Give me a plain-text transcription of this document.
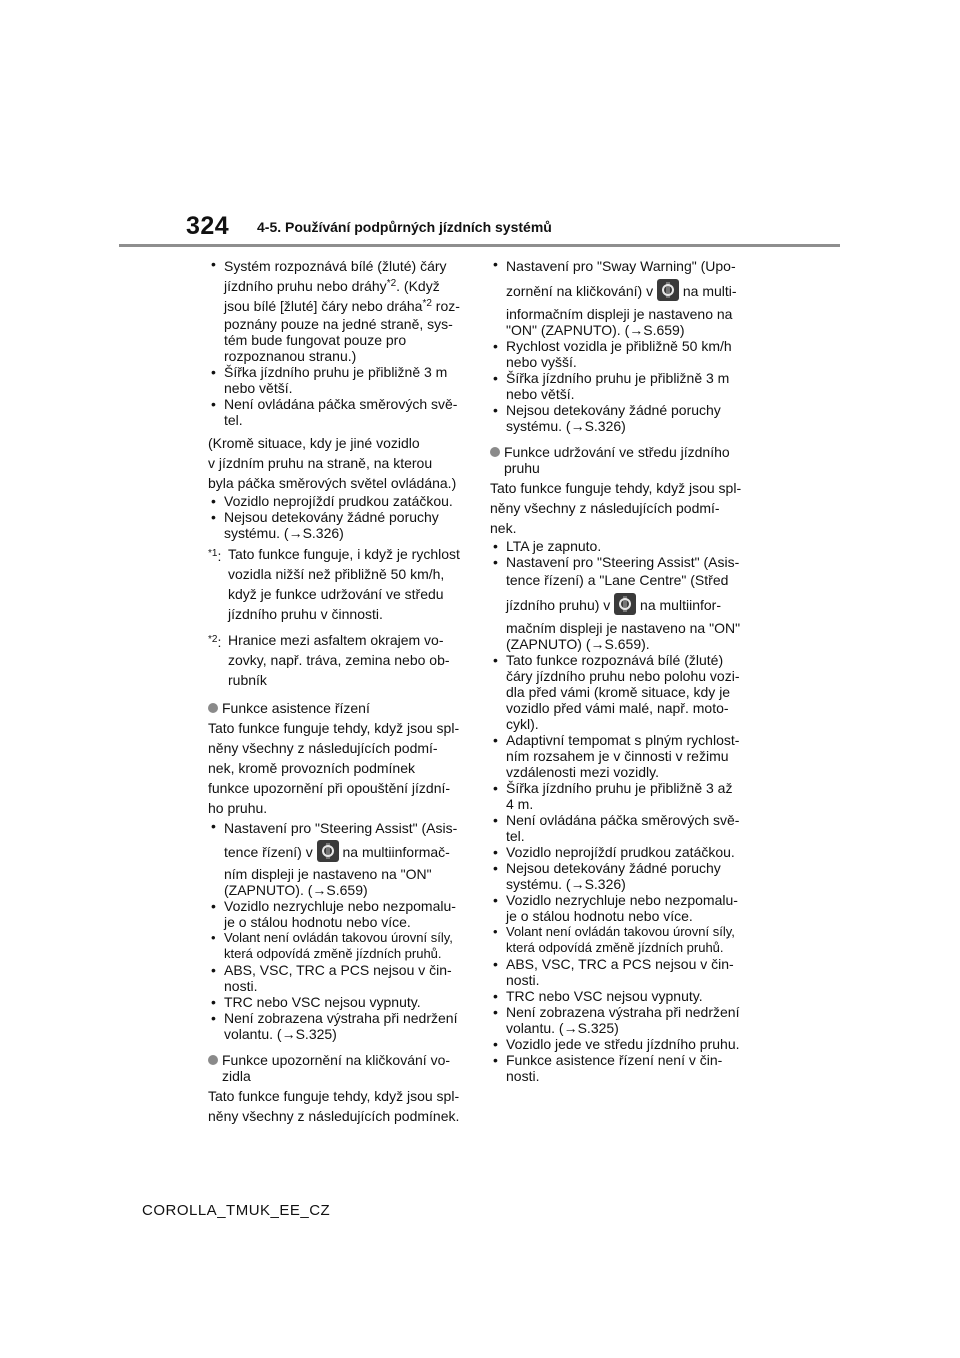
324 4-5. Používání podpůrných jízdních systémů
• Systém rozpoznává bílé (žluté) čáry
jízdního pruhu nebo dráhy$^{*2}$. (Když
jsou bílé [žluté] čáry nebo dráha$^{*2}$ roz-
poznány pouze na jedné straně, sys-
tém bude fungovat pouze pro
rozpoznanou stranu.)
• Šířka jízdního pruhu je přibližně 3 m
nebo větší.
• Není ovládána páčka směrových svě-
tel.
(Kromě situace, kdy je jiné vozidlo
v jízdním pruhu na straně, na kterou
byla páčka směrových světel ovládána.)
• Vozidlo neprojíždí prudkou zatáčkou.
• Nejsou detekovány žádné poruchy
systému. (→S.326)
$^{*1}$: Tato funkce funguje, i když je rychlost
vozidla nižší než přibližně 50 km/h,
když je funkce udržování ve středu
jízdního pruhu v činnosti.
$^{*2}$: Hranice mezi asfaltem okrajem vo-
zovky, např. tráva, zemina nebo ob-
rubník
Funkce asistence řízení
Tato funkce funguje tehdy, když jsou spl-
něny všechny z následujících podmí-
nek, kromě provozních podmínek
funkce upozornění při opouštění jízdní-
ho pruhu.
• Nastavení pro "Steering Assist" (Asis-
tence řízení) v  na multiinformač-
ním displeji je nastaveno na "ON"
(ZAPNUTO). (→S.659)
• Vozidlo nezrychluje nebo nezpomalu-
je o stálou hodnotu nebo více.
• Volant není ovládán takovou úrovní síly,
která odpovídá změně jízdních pruhů.
• ABS, VSC, TRC a PCS nejsou v čin-
nosti.
• TRC nebo VSC nejsou vypnuty.
• Není zobrazena výstraha při nedržení
volantu. (→S.325)
Funkce upozornění na kličkování vo-
zidla
Tato funkce funguje tehdy, když jsou spl-
něny všechny z následujících podmínek.
• Nastavení pro "Sway Warning" (Upo-
zornění na kličkování) v  na multi-
informačním displeji je nastaveno na
"ON" (ZAPNUTO). (→S.659)
• Rychlost vozidla je přibližně 50 km/h
nebo vyšší.
• Šířka jízdního pruhu je přibližně 3 m
nebo větší.
• Nejsou detekovány žádné poruchy
systému. (→S.326)
Funkce udržování ve středu jízdního
pruhu
Tato funkce funguje tehdy, když jsou spl-
něny všechny z následujících podmí-
nek.
• LTA je zapnuto.
• Nastavení pro "Steering Assist" (Asis-
tence řízení) a "Lane Centre" (Střed
jízdního pruhu) v  na multiinfor-
mačním displeji je nastaveno na "ON"
(ZAPNUTO) (→S.659).
• Tato funkce rozpoznává bílé (žluté)
čáry jízdního pruhu nebo polohu vozi-
dla před vámi (kromě situace, kdy je
vozidlo před vámi malé, např. moto-
cykl).
• Adaptivní tempomat s plným rychlost-
ním rozsahem je v činnosti v režimu
vzdálenosti mezi vozidly.
• Šířka jízdního pruhu je přibližně 3 až
4 m.
• Není ovládána páčka směrových svě-
tel.
• Vozidlo neprojíždí prudkou zatáčkou.
• Nejsou detekovány žádné poruchy
systému. (→S.326)
• Vozidlo nezrychluje nebo nezpomalu-
je o stálou hodnotu nebo více.
• Volant není ovládán takovou úrovní síly,
která odpovídá změně jízdních pruhů.
• ABS, VSC, TRC a PCS nejsou v čin-
nosti.
• TRC nebo VSC nejsou vypnuty.
• Není zobrazena výstraha při nedržení
volantu. (→S.325)
• Vozidlo jede ve středu jízdního pruhu.
• Funkce asistence řízení není v čin-
nosti.
COROLLA_TMUK_EE_CZ
